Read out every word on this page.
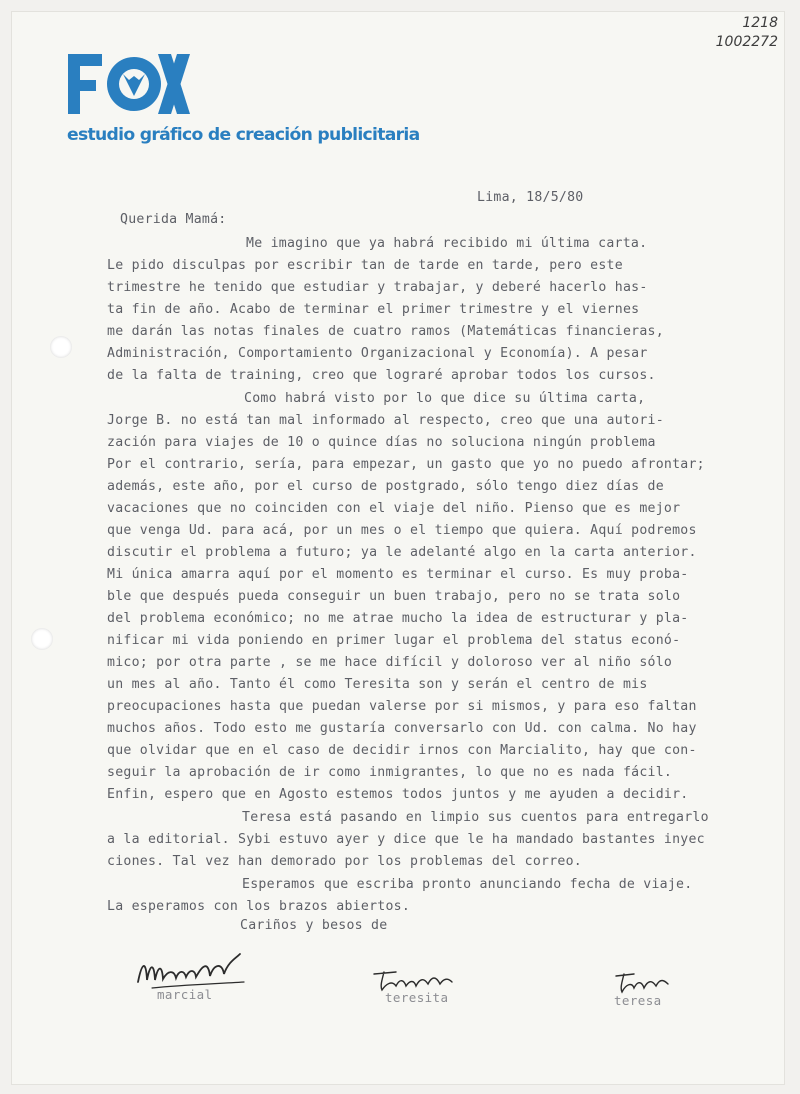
1218
1002272
estudio gráfico de creación publicitaria
Lima, 18/5/80
Querida Mamá:
Me imagino que ya habrá recibido mi última carta.
Le pido disculpas por escribir tan de tarde en tarde, pero este
trimestre he tenido que estudiar y trabajar, y deberé hacerlo has-
ta fin de año. Acabo de terminar el primer trimestre y el viernes
me darán las notas finales de cuatro ramos (Matemáticas financieras,
Administración, Comportamiento Organizacional y Economía). A pesar
de la falta de training, creo que lograré aprobar todos los cursos.
Como habrá visto por lo que dice su última carta,
Jorge B. no está tan mal informado al respecto, creo que una autori-
zación para viajes de 10 o quince días no soluciona ningún problema
Por el contrario, sería, para empezar, un gasto que yo no puedo afrontar;
además, este año, por el curso de postgrado, sólo tengo diez días de
vacaciones que no coinciden con el viaje del niño. Pienso que es mejor
que venga Ud. para acá, por un mes o el tiempo que quiera. Aquí podremos
discutir el problema a futuro; ya le adelanté algo en la carta anterior.
Mi única amarra aquí por el momento es terminar el curso. Es muy proba-
ble que después pueda conseguir un buen trabajo, pero no se trata solo
del problema económico; no me atrae mucho la idea de estructurar y pla-
nificar mi vida poniendo en primer lugar el problema del status econó-
mico; por otra parte , se me hace difícil y doloroso ver al niño sólo
un mes al año. Tanto él como Teresita son y serán el centro de mis
preocupaciones hasta que puedan valerse por si mismos, y para eso faltan
muchos años. Todo esto me gustaría conversarlo con Ud. con calma. No hay
que olvidar que en el caso de decidir irnos con Marcialito, hay que con-
seguir la aprobación de ir como inmigrantes, lo que no es nada fácil.
Enfin, espero que en Agosto estemos todos juntos y me ayuden a decidir.
Teresa está pasando en limpio sus cuentos para entregarlo
a la editorial. Sybi estuvo ayer y dice que le ha mandado bastantes inyec
ciones. Tal vez han demorado por los problemas del correo.
Esperamos que escriba pronto anunciando fecha de viaje.
La esperamos con los brazos abiertos.
Cariños y besos de
marcial	teresita	teresa
